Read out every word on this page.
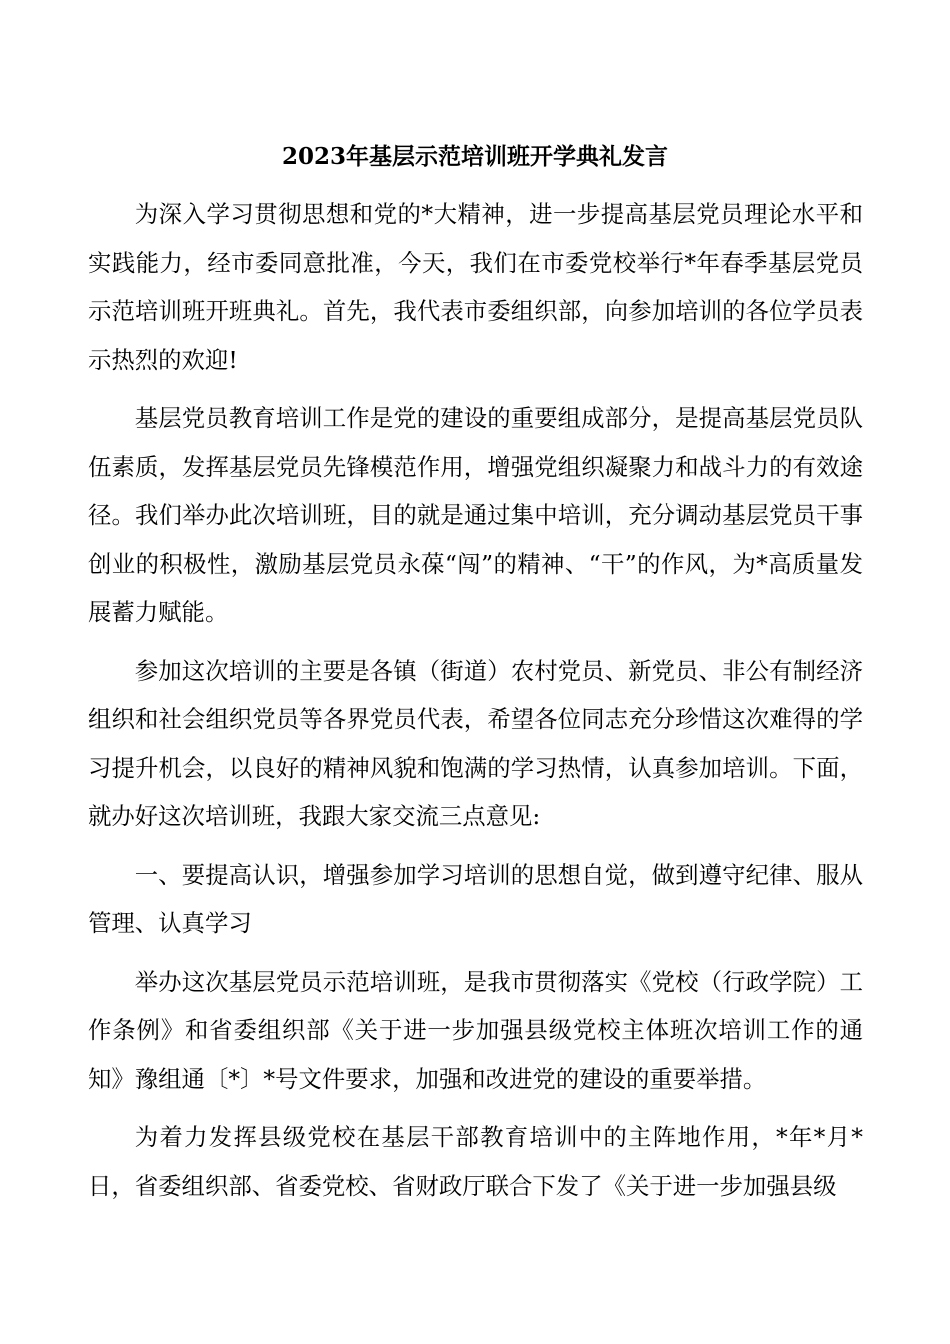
2023年基层示范培训班开学典礼发言

为深入学习贯彻思想和党的*大精神，进一步提高基层党员理论水平和实践能力，经市委同意批准，今天，我们在市委党校举行*年春季基层党员示范培训班开班典礼。首先，我代表市委组织部，向参加培训的各位学员表示热烈的欢迎!

基层党员教育培训工作是党的建设的重要组成部分，是提高基层党员队伍素质，发挥基层党员先锋模范作用，增强党组织凝聚力和战斗力的有效途径。我们举办此次培训班，目的就是通过集中培训，充分调动基层党员干事创业的积极性，激励基层党员永葆“闯”的精神、“干”的作风，为*高质量发展蓄力赋能。

参加这次培训的主要是各镇（街道）农村党员、新党员、非公有制经济组织和社会组织党员等各界党员代表，希望各位同志充分珍惜这次难得的学习提升机会，以良好的精神风貌和饱满的学习热情，认真参加培训。下面，就办好这次培训班，我跟大家交流三点意见:

一、要提高认识，增强参加学习培训的思想自觉，做到遵守纪律、服从管理、认真学习

举办这次基层党员示范培训班，是我市贯彻落实《党校（行政学院）工作条例》和省委组织部《关于进一步加强县级党校主体班次培训工作的通知》豫组通〔*〕*号文件要求，加强和改进党的建设的重要举措。

为着力发挥县级党校在基层干部教育培训中的主阵地作用，*年*月*日，省委组织部、省委党校、省财政厅联合下发了《关于进一步加强县级
